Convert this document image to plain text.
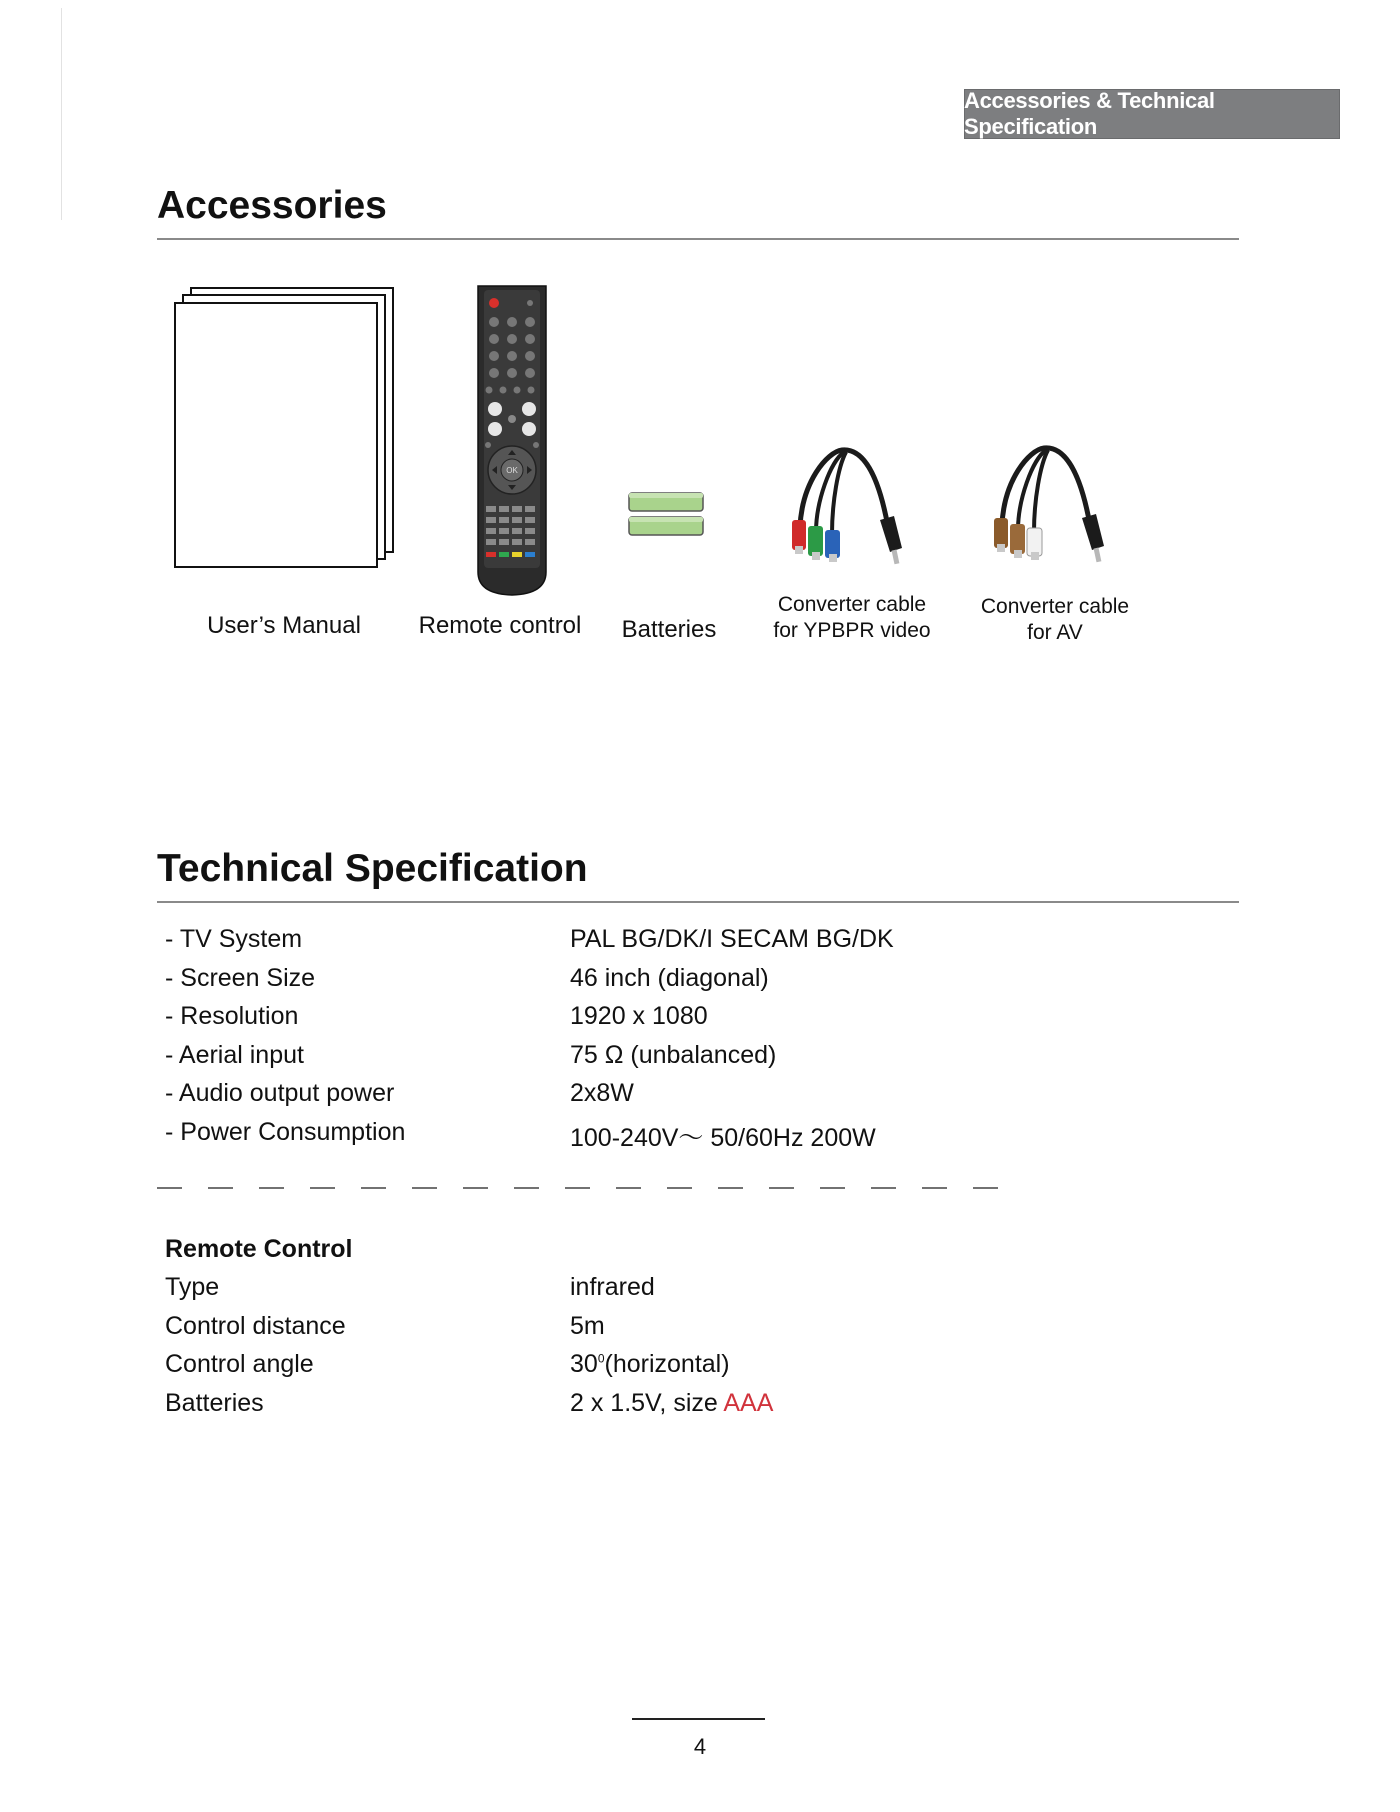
Accessories & Technical Specification
Accessories
User’s Manual
OK
Remote control	Batteries
Converter cable
for YPBPR video
Converter cable
for AV
Technical Specification
- TV System	PAL BG/DK/I SECAM BG/DK
- Screen Size	46 inch (diagonal)
- Resolution	1920 x 1080
- Aerial input	75 Ω (unbalanced)
- Audio output power	2x8W
- Power Consumption	100-240V～ 50/60Hz 200W
Remote Control
Type	infrared
Control distance	5m
Control angle	$30^0(horizontal)$
Batteries	2 x 1.5V, size AAA
4
